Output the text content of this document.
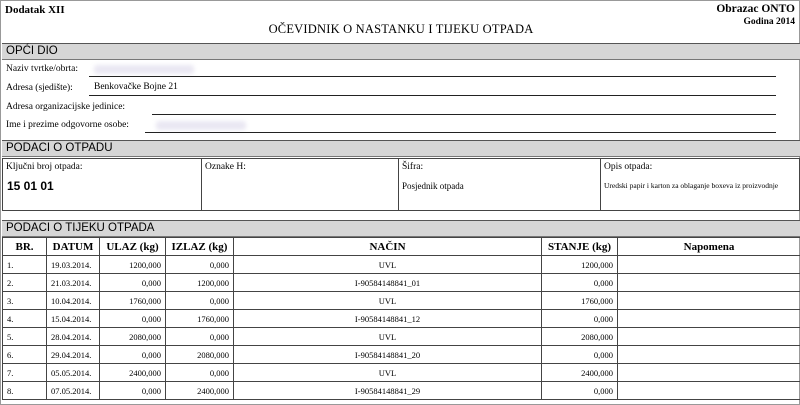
Dodatak XII	Obrazac ONTO
Godina 2014
OČEVIDNIK O NASTANKU I TIJEKU OTPADA
OPĆI DIO
Naziv tvrtke/obrta:
Adresa (sjedište): Benkovačke Bojne 21
Adresa organizacijske jedinice:
Ime i prezime odgovorne osobe:
PODACI O OTPADU
Ključni broj otpada:
15 01 01
Oznake H:	Šifra:
Posjednik otpada
Opis otpada:
Uredski papir i karton za oblaganje boxeva iz proizvodnje
PODACI O TIJEKU OTPADA
BR.	DATUM	ULAZ (kg)	IZLAZ (kg)	NAČIN	STANJE (kg)	Napomena
1.	19.03.2014.	1200,000	0,000	UVL	1200,000	
2.	21.03.2014.	0,000	1200,000	I-90584148841_01	0,000	
3.	10.04.2014.	1760,000	0,000	UVL	1760,000	
4.	15.04.2014.	0,000	1760,000	I-90584148841_12	0,000	
5.	28.04.2014.	2080,000	0,000	UVL	2080,000	
6.	29.04.2014.	0,000	2080,000	I-90584148841_20	0,000	
7.	05.05.2014.	2400,000	0,000	UVL	2400,000	
8.	07.05.2014.	0,000	2400,000	I-90584148841_29	0,000	
